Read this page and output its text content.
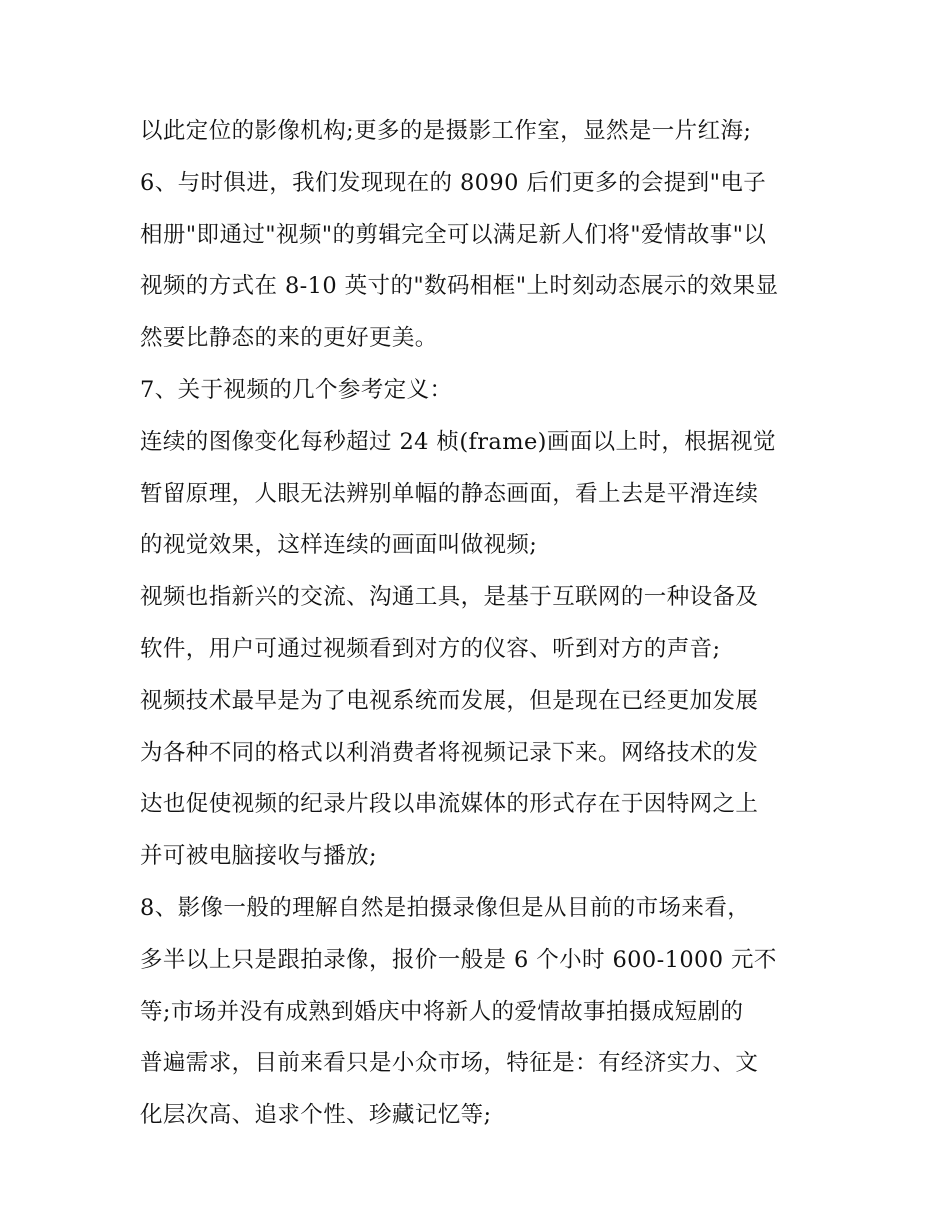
以此定位的影像机构;更多的是摄影工作室，显然是一片红海;
6、与时俱进，我们发现现在的 8090 后们更多的会提到"电子
相册"即通过"视频"的剪辑完全可以满足新人们将"爱情故事"以
视频的方式在 8-10 英寸的"数码相框"上时刻动态展示的效果显
然要比静态的来的更好更美。
7、关于视频的几个参考定义：
连续的图像变化每秒超过 24 桢(frame)画面以上时，根据视觉
暂留原理，人眼无法辨别单幅的静态画面，看上去是平滑连续
的视觉效果，这样连续的画面叫做视频;
视频也指新兴的交流、沟通工具，是基于互联网的一种设备及
软件，用户可通过视频看到对方的仪容、听到对方的声音;
视频技术最早是为了电视系统而发展，但是现在已经更加发展
为各种不同的格式以利消费者将视频记录下来。网络技术的发
达也促使视频的纪录片段以串流媒体的形式存在于因特网之上
并可被电脑接收与播放;
8、影像一般的理解自然是拍摄录像但是从目前的市场来看，
多半以上只是跟拍录像，报价一般是 6 个小时 600-1000 元不
等;市场并没有成熟到婚庆中将新人的爱情故事拍摄成短剧的
普遍需求，目前来看只是小众市场，特征是：有经济实力、文
化层次高、追求个性、珍藏记忆等;
